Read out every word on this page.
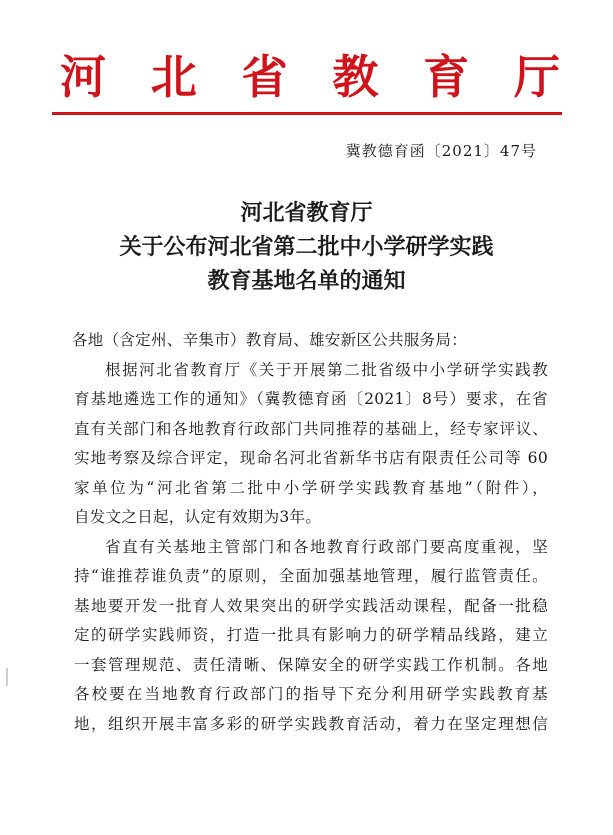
河 北 省 教 育 厅
冀教德育函〔2021〕47号
河北省教育厅
关于公布河北省第二批中小学研学实践
教育基地名单的通知
各地（含定州、辛集市）教育局、雄安新区公共服务局：
根据河北省教育厅《关于开展第二批省级中小学研学实践教
育基地遴选工作的通知》（冀教德育函〔2021〕8号）要求，在省
直有关部门和各地教育行政部门共同推荐的基础上，经专家评议、
实地考察及综合评定，现命名河北省新华书店有限责任公司等 60
家单位为“河北省第二批中小学研学实践教育基地”（附件），
自发文之日起，认定有效期为3年。
省直有关基地主管部门和各地教育行政部门要高度重视，坚
持“谁推荐谁负责”的原则，全面加强基地管理，履行监管责任。
基地要开发一批育人效果突出的研学实践活动课程，配备一批稳
定的研学实践师资，打造一批具有影响力的研学精品线路，建立
一套管理规范、责任清晰、保障安全的研学实践工作机制。各地
各校要在当地教育行政部门的指导下充分利用研学实践教育基
地，组织开展丰富多彩的研学实践教育活动，着力在坚定理想信
